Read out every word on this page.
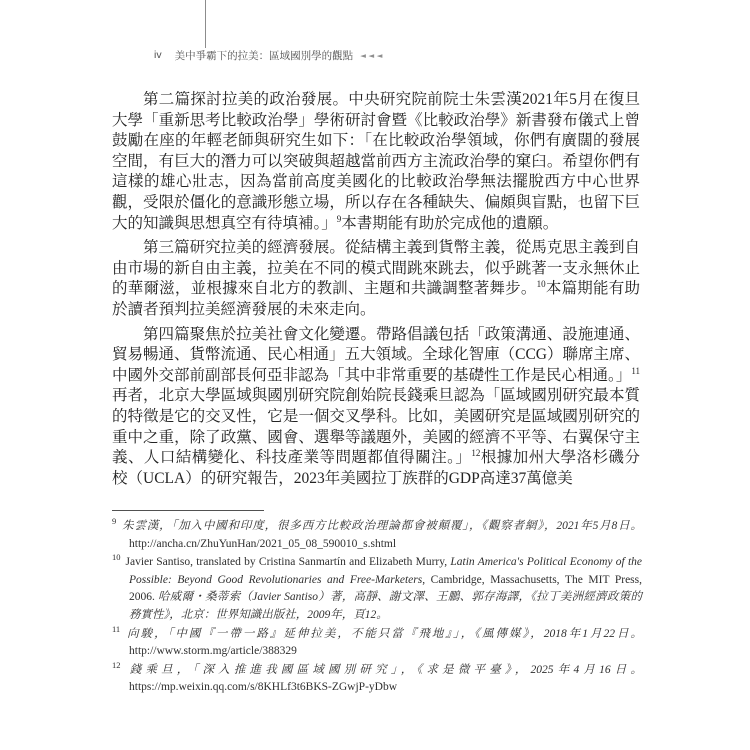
iv 美中爭霸下的拉美：區域國別學的觀點 ◄◄◄

第二篇探討拉美的政治發展。中央研究院前院士朱雲漢2021年5月在復旦大學「重新思考比較政治學」學術研討會暨《比較政治學》新書發布儀式上曾鼓勵在座的年輕老師與研究生如下：「在比較政治學領域，你們有廣闊的發展空間，有巨大的潛力可以突破與超越當前西方主流政治學的窠臼。希望你們有這樣的雄心壯志，因為當前高度美國化的比較政治學無法擺脫西方中心世界觀，受限於僵化的意識形態立場，所以存在各種缺失、偏頗與盲點，也留下巨大的知識與思想真空有待填補。」$^9$本書期能有助於完成他的遺願。

第三篇研究拉美的經濟發展。從結構主義到貨幣主義，從馬克思主義到自由市場的新自由主義，拉美在不同的模式間跳來跳去，似乎跳著一支永無休止的華爾滋，並根據來自北方的教訓、主題和共識調整著舞步。$^{10}$本篇期能有助於讀者預判拉美經濟發展的未來走向。

第四篇聚焦於拉美社會文化變遷。帶路倡議包括「政策溝通、設施連通、貿易暢通、貨幣流通、民心相通」五大領域。全球化智庫（CCG）聯席主席、中國外交部前副部長何亞非認為「其中非常重要的基礎性工作是民心相通。」$^{11}$再者，北京大學區域與國別研究院創始院長錢乘旦認為「區域國別研究最本質的特徵是它的交叉性，它是一個交叉學科。比如，美國研究是區域國別研究的重中之重，除了政黨、國會、選舉等議題外，美國的經濟不平等、右翼保守主義、人口結構變化、科技產業等問題都值得關注。」$^{12}$根據加州大學洛杉磯分校（UCLA）的研究報告，2023年美國拉丁族群的GDP高達37萬億美

$^9$ 朱雲漢，「加入中國和印度，很多西方比較政治理論都會被顛覆」，《觀察者網》，2021年5月8日。http://ancha.cn/ZhuYunHan/2021_05_08_590010_s.shtml
$^{10}$ Javier Santiso, translated by Cristina Sanmartín and Elizabeth Murry, Latin America's Political Economy of the Possible: Beyond Good Revolutionaries and Free-Marketers, Cambridge, Massachusetts, The MIT Press, 2006. 哈威爾・桑蒂索（Javier Santiso）著，高靜、謝文澤、王鵬、郭存海譯，《拉丁美洲經濟政策的務實性》，北京：世界知識出版社，2009年，頁12。
$^{11}$ 向駿，「中國『一帶一路』延伸拉美，不能只當『飛地』」，《風傳媒》，2018年1月22日。http://www.storm.mg/article/388329
$^{12}$ 錢乘旦，「深入推進我國區域國別研究」，《求是微平臺》，2025年4月16日。https://mp.weixin.qq.com/s/8KHLf3t6BKS-ZGwjP-yDbw
